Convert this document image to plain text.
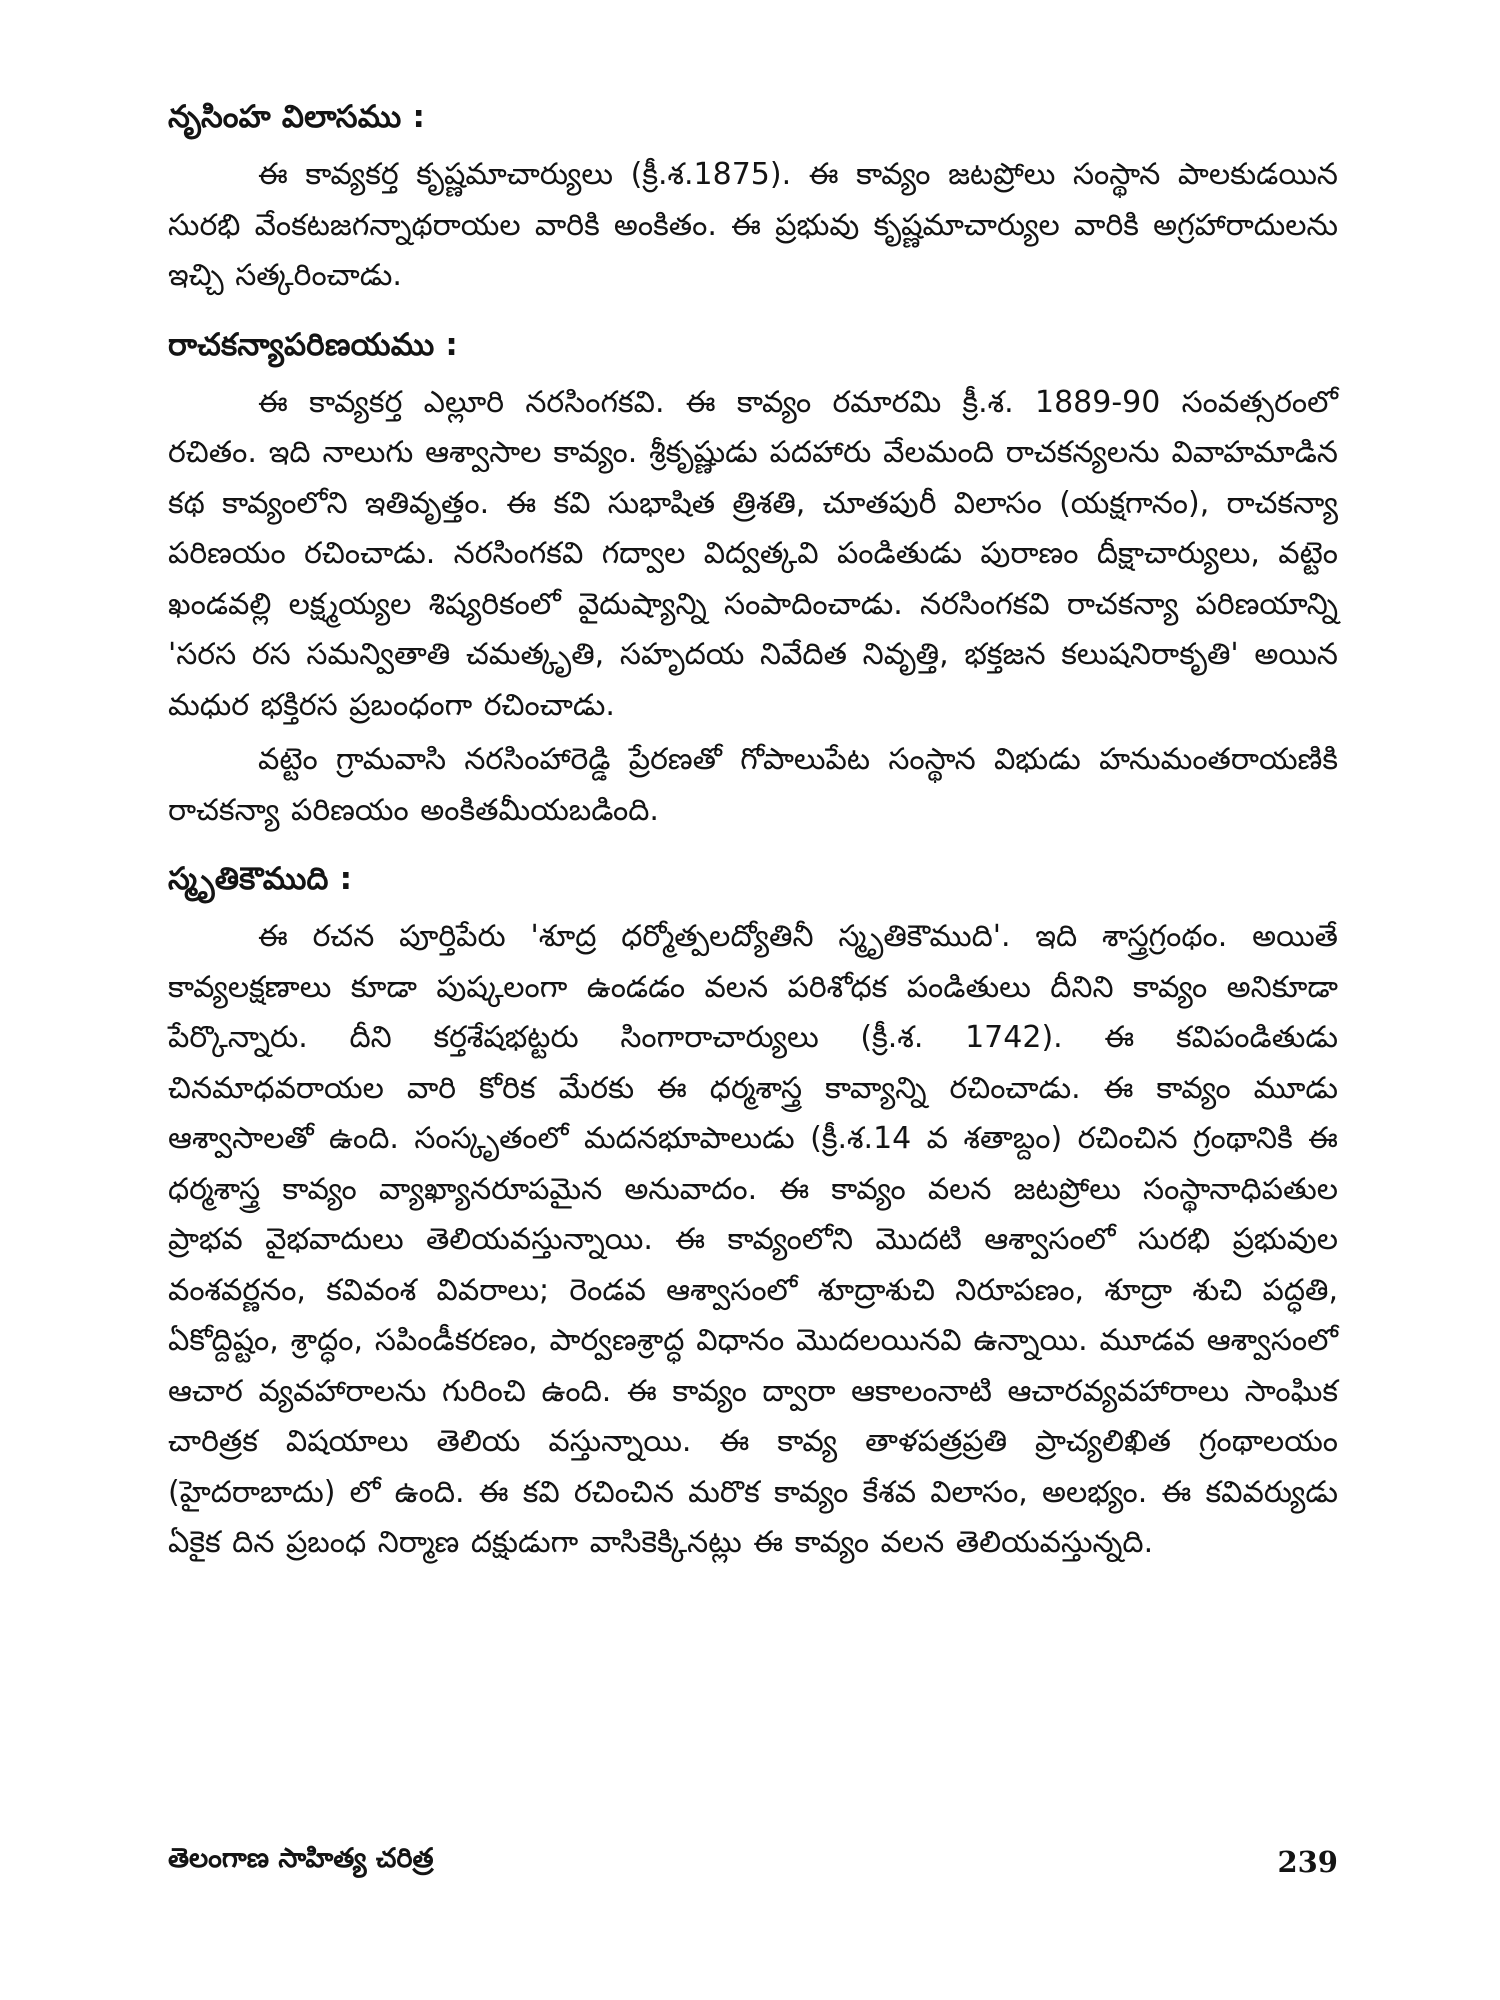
నృసింహ విలాసము :

ఈ కావ్యకర్త కృష్ణమాచార్యులు (క్రీ.శ.1875). ఈ కావ్యం జటప్రోలు సంస్థాన పాలకుడయిన సురభి వేంకటజగన్నాథరాయల వారికి అంకితం. ఈ ప్రభువు కృష్ణమాచార్యుల వారికి అగ్రహారాదులను ఇచ్చి సత్కరించాడు.

రాచకన్యాపరిణయము :

ఈ కావ్యకర్త ఎల్లూరి నరసింగకవి. ఈ కావ్యం రమారమి క్రీ.శ. 1889-90 సంవత్సరంలో రచితం. ఇది నాలుగు ఆశ్వాసాల కావ్యం. శ్రీకృష్ణుడు పదహారు వేలమంది రాచకన్యలను వివాహమాడిన కథ కావ్యంలోని ఇతివృత్తం. ఈ కవి సుభాషిత త్రిశతి, చూతపురీ విలాసం (యక్షగానం), రాచకన్యా పరిణయం రచించాడు. నరసింగకవి గద్వాల విద్వత్కవి పండితుడు పురాణం దీక్షాచార్యులు, వట్టెం ఖండవల్లి లక్ష్మయ్యల శిష్యరికంలో వైదుష్యాన్ని సంపాదించాడు. నరసింగకవి రాచకన్యా పరిణయాన్ని 'సరస రస సమన్వితాతి చమత్కృతి, సహృదయ నివేదిత నివృత్తి, భక్తజన కలుషనిరాకృతి' అయిన మధుర భక్తిరస ప్రబంధంగా రచించాడు.

వట్టెం గ్రామవాసి నరసింహారెడ్డి ప్రేరణతో గోపాలుపేట సంస్థాన విభుడు హనుమంతరాయణికి రాచకన్యా పరిణయం అంకితమీయబడింది.

స్మృతికౌముది :

ఈ రచన పూర్తిపేరు 'శూద్ర ధర్మోత్పలద్యోతినీ స్మృతికౌముది'. ఇది శాస్త్రగ్రంథం. అయితే కావ్యలక్షణాలు కూడా పుష్కలంగా ఉండడం వలన పరిశోధక పండితులు దీనిని కావ్యం అనికూడా పేర్కొన్నారు. దీని కర్తశేషభట్టరు సింగారాచార్యులు (క్రీ.శ. 1742). ఈ కవిపండితుడు చినమాధవరాయల వారి కోరిక మేరకు ఈ ధర్మశాస్త్ర కావ్యాన్ని రచించాడు. ఈ కావ్యం మూడు ఆశ్వాసాలతో ఉంది. సంస్కృతంలో మదనభూపాలుడు (క్రీ.శ.14 వ శతాబ్దం) రచించిన గ్రంథానికి ఈ ధర్మశాస్త్ర కావ్యం వ్యాఖ్యానరూపమైన అనువాదం. ఈ కావ్యం వలన జటప్రోలు సంస్థానాధిపతుల ప్రాభవ వైభవాదులు తెలియవస్తున్నాయి. ఈ కావ్యంలోని మొదటి ఆశ్వాసంలో సురభి ప్రభువుల వంశవర్ణనం, కవివంశ వివరాలు; రెండవ ఆశ్వాసంలో శూద్రాశుచి నిరూపణం, శూద్రా శుచి పద్ధతి, ఏకోద్దిష్టం, శ్రాద్ధం, సపిండీకరణం, పార్వణశ్రాద్ధ విధానం మొదలయినవి ఉన్నాయి. మూడవ ఆశ్వాసంలో ఆచార వ్యవహారాలను గురించి ఉంది. ఈ కావ్యం ద్వారా ఆకాలంనాటి ఆచారవ్యవహారాలు సాంఘిక చారిత్రక విషయాలు తెలియ వస్తున్నాయి. ఈ కావ్య తాళపత్రప్రతి ప్రాచ్యలిఖిత గ్రంథాలయం (హైదరాబాదు) లో ఉంది. ఈ కవి రచించిన మరొక కావ్యం కేశవ విలాసం, అలభ్యం. ఈ కవివర్యుడు ఏకైక దిన ప్రబంధ నిర్మాణ దక్షుడుగా వాసికెక్కినట్లు ఈ కావ్యం వలన తెలియవస్తున్నది.

తెలంగాణ సాహిత్య చరిత్ర	239
